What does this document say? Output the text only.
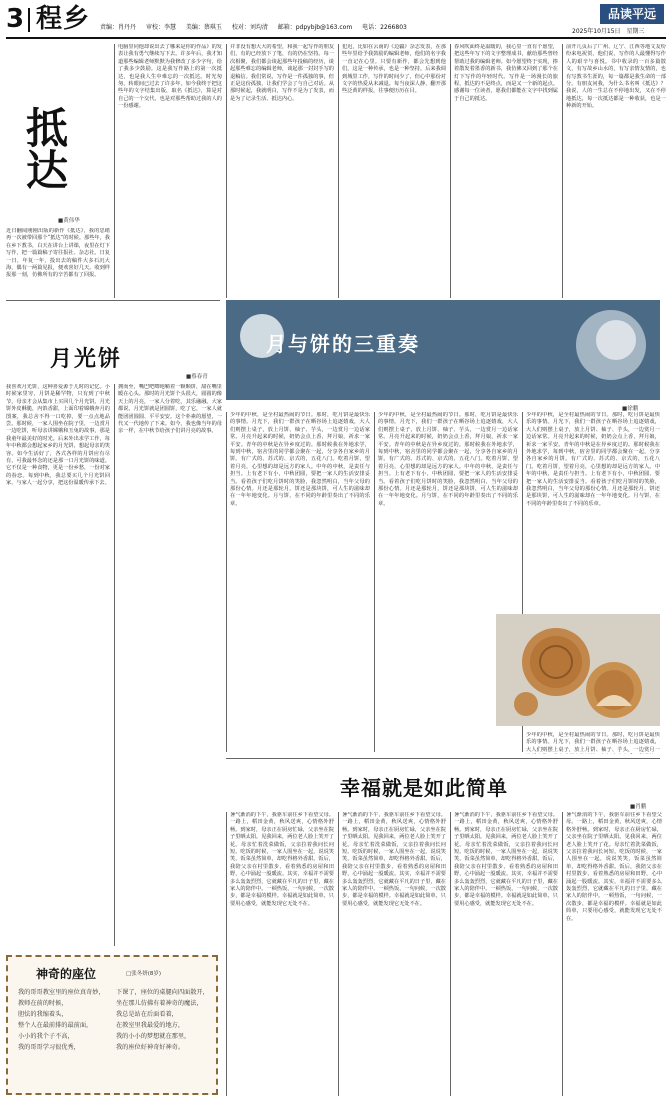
3 程乡 责编：肖丹丹 审校：李慧 美编：蔡琪玉 校对：刘均清 邮箱：pdpybjb@163.com 电话：2266803
品读平远
2025年10月15日　星期三
抵达
■黄伟华
近日翻阅刚刚出版的新作《抵达》，我的思绪再一次被带回那个“抵达”的时候。那些年，我在乡下教书，白天在讲台上讲课，夜里在灯下写作，把一篇篇稿子寄往报社、杂志社。日复一日，年复一年，投出去的稿件大多石沉大海，偶有一两篇见报，便欢喜好几天。收到样报那一刻，仿佛所有的辛苦都有了回报。
电脑里同他却说出去了哪来是你的作品》的发表让我有勇气继续写下去。许多年后，我才知道那些编辑老师默默为我修改了多少字句，给了我多少鼓励。这是我写作路上的第一次抵达，也是我人生中难忘的一次抵达。时光匆匆，转眼间已过去了许多年，如今我终于把这些年的文字结集出版，取名《抵达》，算是对自己的一个交代，也是对那些帮助过我的人的一份感谢。
并非没有想大大的希望，和我一起写作的朋友们，有的已经放下了笔，有的仍在坚持。每一次相聚，我们都会谈起那些年投稿的经历，谈起那些难忘的编辑老师，谈起那一封封手写的退稿信。我们常说，写作是一件孤独的事，但正是这份孤独，让我们学会了与自己对话。从那时候起，我就明白，写作不是为了发表，而是为了记录生活、抵达内心。
犯迟，比如在云南的《边疆》杂志发表，在那些年里给予我鼓励的编辑老师，他们的名字我一直记在心里。只要有新作，都会先想到他们，这是一种传承，也是一种坚持。后来我调到城里工作，写作的时间少了，但心中那份对文字的热爱从未减退。每当夜深人静，翻开那些泛黄的样报，往事便历历在目。
春风吹面终是温暖的，我心里一直有个愿望，把这些年写下的文字整理成书，献给那些曾经帮助过我的编辑老师。如今愿望终于实现，捧着散发着墨香的新书，我仿佛又回到了那个在灯下写作的年轻时代。写作是一场漫长的旅程，抵达的不是终点，而是又一个新的起点。感谢每一位读者，愿我们都能在文字中找到属于自己的抵达。
前开几页后了广州、辽宁、江西等地文友纷纷来电祝贺，他们说，写作的人最懂得写作人的艰辛与喜悦。书中收录的一百多篇散文，有写故乡山水的，有写亲情友情的，也有写教书生涯的，每一篇都是我生命的一部分。有朋友问我，为什么书名叫《抵达》？我说，人的一生总在不停地出发，又在不停地抵达，每一次抵达都是一种收获，也是一种新的开始。
月光饼
■蔡春青
我喜欢月光饼，这种喜爱源于儿时的记忆。小时候家里穷，月饼是稀罕物，只有到了中秋节，母亲才会从集市上买回几个月光饼。月光饼外皮酥脆，内馅香甜，上面印着嫦娥奔月的图案，我总舍不得一口吃掉，要一点点地品尝。那时候，一家人围坐在院子里，一边赏月一边吃饼，听母亲讲嫦娥和玉兔的故事，那是我童年最美好的时光。后来外出求学工作，每年中秋都会想起家乡的月光饼，想起母亲的笑容。如今生活好了，各式各样的月饼应有尽有，可我最怀念的还是那一口月光饼的味道。它不仅是一种食物，更是一份乡愁，一份对家的眷恋。每到中秋，我总要买几个月光饼回家，与家人一起分享，把这份温暖传承下去。
拥而至，嘴巴吧唧地嚼着一颗颗饼，甜在嘴里暖在心头。那时的月光饼个头很大，圆圆的像天上的月亮，一家人分着吃，其乐融融。大家都说，月光饼就是团圆饼，吃了它，一家人就能团团圆圆、平平安安。这个朴素的愿望，一代又一代地传了下来。如今，我也像当年的母亲一样，在中秋节给孩子们讲月亮的故事。
月与饼的三重奏
■徐鹏
少年的中秋，是全村最热闹的节日。那时，吃月饼是最快乐的事情。月光下，我们一群孩子在晒谷场上追逐嬉戏，大人们则摆上桌子，放上月饼、柚子、芋头，一边赏月一边话家常。月亮升起来的时候，奶奶会点上香，拜月娘，祈求一家平安。青年的中秋是在异乡度过的。那时候我在外地求学，每到中秋，宿舍里的同学都会聚在一起，分享各自家乡的月饼。有广式的、苏式的、京式的，五花八门。吃着月饼，望着月亮，心里想的却是远方的家人。中年的中秋，是责任与担当。上有老下有小，中秋团圆，要把一家人的生活安排妥当。看着孩子们吃月饼时的笑脸，我忽然明白，当年父母的那份心情。月还是那轮月，饼还是那块饼，可人生的滋味却在一年年地变化。月与饼，在不同的年龄里奏出了不同的乐章。
少年的中秋，是全村最热闹的节日。那时，吃月饼是最快乐的事情。月光下，我们一群孩子在晒谷场上追逐嬉戏，大人们则摆上桌子，放上月饼、柚子、芋头，一边赏月一边话家常。月亮升起来的时候，奶奶会点上香，拜月娘，祈求一家平安。青年的中秋是在异乡度过的。那时候我在外地求学，每到中秋，宿舍里的同学都会聚在一起，分享各自家乡的月饼。有广式的、苏式的、京式的，五花八门。吃着月饼，望着月亮，心里想的却是远方的家人。中年的中秋，是责任与担当。上有老下有小，中秋团圆，要把一家人的生活安排妥当。看着孩子们吃月饼时的笑脸，我忽然明白，当年父母的那份心情。月还是那轮月，饼还是那块饼，可人生的滋味却在一年年地变化。月与饼，在不同的年龄里奏出了不同的乐章。
少年的中秋，是全村最热闹的节日。那时，吃月饼是最快乐的事情。月光下，我们一群孩子在晒谷场上追逐嬉戏，大人们则摆上桌子，放上月饼、柚子、芋头，一边赏月一边话家常。月亮升起来的时候，奶奶会点上香，拜月娘，祈求一家平安。青年的中秋是在异乡度过的。那时候我在外地求学，每到中秋，宿舍里的同学都会聚在一起，分享各自家乡的月饼。有广式的、苏式的、京式的，五花八门。吃着月饼，望着月亮，心里想的却是远方的家人。中年的中秋，是责任与担当。上有老下有小，中秋团圆，要把一家人的生活安排妥当。看着孩子们吃月饼时的笑脸，我忽然明白，当年父母的那份心情。月还是那轮月，饼还是那块饼，可人生的滋味却在一年年地变化。月与饼，在不同的年龄里奏出了不同的乐章。
少年的中秋，是全村最热闹的节日。那时，吃月饼是最快乐的事情。月光下，我们一群孩子在晒谷场上追逐嬉戏，大人们则摆上桌子，放上月饼、柚子、芋头，一边赏月一
幸福就是如此简单
■肖鹏
暑气渐消的下午，我驱车前往乡下看望父母。一路上，稻田金黄，秋风送爽，心情格外舒畅。到家时，母亲正在厨房忙碌，父亲坐在院子里晒太阳。见我回来，两位老人脸上笑开了花。母亲忙着洗菜做饭，父亲拉着我问长问短。吃饭的时候，一家人围坐在一起，说说笑笑，饭菜虽然简单，却吃得格外香甜。饭后，我陪父亲在村里散步，看着熟悉的房屋和田野，心中涌起一股暖流。其实，幸福并不需要多么轰轰烈烈，它就藏在平凡的日子里，藏在家人的陪伴中。一顿热饭，一句问候，一次散步，都是幸福的模样。幸福就是如此简单，只要用心感受，就能发现它无处不在。
暑气渐消的下午，我驱车前往乡下看望父母。一路上，稻田金黄，秋风送爽，心情格外舒畅。到家时，母亲正在厨房忙碌，父亲坐在院子里晒太阳。见我回来，两位老人脸上笑开了花。母亲忙着洗菜做饭，父亲拉着我问长问短。吃饭的时候，一家人围坐在一起，说说笑笑，饭菜虽然简单，却吃得格外香甜。饭后，我陪父亲在村里散步，看着熟悉的房屋和田野，心中涌起一股暖流。其实，幸福并不需要多么轰轰烈烈，它就藏在平凡的日子里，藏在家人的陪伴中。一顿热饭，一句问候，一次散步，都是幸福的模样。幸福就是如此简单，只要用心感受，就能发现它无处不在。
暑气渐消的下午，我驱车前往乡下看望父母。一路上，稻田金黄，秋风送爽，心情格外舒畅。到家时，母亲正在厨房忙碌，父亲坐在院子里晒太阳。见我回来，两位老人脸上笑开了花。母亲忙着洗菜做饭，父亲拉着我问长问短。吃饭的时候，一家人围坐在一起，说说笑笑，饭菜虽然简单，却吃得格外香甜。饭后，我陪父亲在村里散步，看着熟悉的房屋和田野，心中涌起一股暖流。其实，幸福并不需要多么轰轰烈烈，它就藏在平凡的日子里，藏在家人的陪伴中。一顿热饭，一句问候，一次散步，都是幸福的模样。幸福就是如此简单，只要用心感受，就能发现它无处不在。
暑气渐消的下午，我驱车前往乡下看望父母。一路上，稻田金黄，秋风送爽，心情格外舒畅。到家时，母亲正在厨房忙碌，父亲坐在院子里晒太阳。见我回来，两位老人脸上笑开了花。母亲忙着洗菜做饭，父亲拉着我问长问短。吃饭的时候，一家人围坐在一起，说说笑笑，饭菜虽然简单，却吃得格外香甜。饭后，我陪父亲在村里散步，看着熟悉的房屋和田野，心中涌起一股暖流。其实，幸福并不需要多么轰轰烈烈，它就藏在平凡的日子里，藏在家人的陪伴中。一顿热饭，一句问候，一次散步，都是幸福的模样。幸福就是如此简单，只要用心感受，就能发现它无处不在。
神奇的座位	□张冬妍(8岁)
我的哥哥教室里的座位真奇妙，
教师在前的时候，
胆怯的我缩着头，
整个人在最前排的最前面，
小小的我个子不高，
我的哥哥学习很优秀，
下课了，座位的桌腿向四面散开，
坐在那儿仿佛有着神奇的魔法，
我总是站在后面看着，
在教室里我最爱的地方，
我的小小的梦想就在那里，
我的座位好神奇好神奇。
